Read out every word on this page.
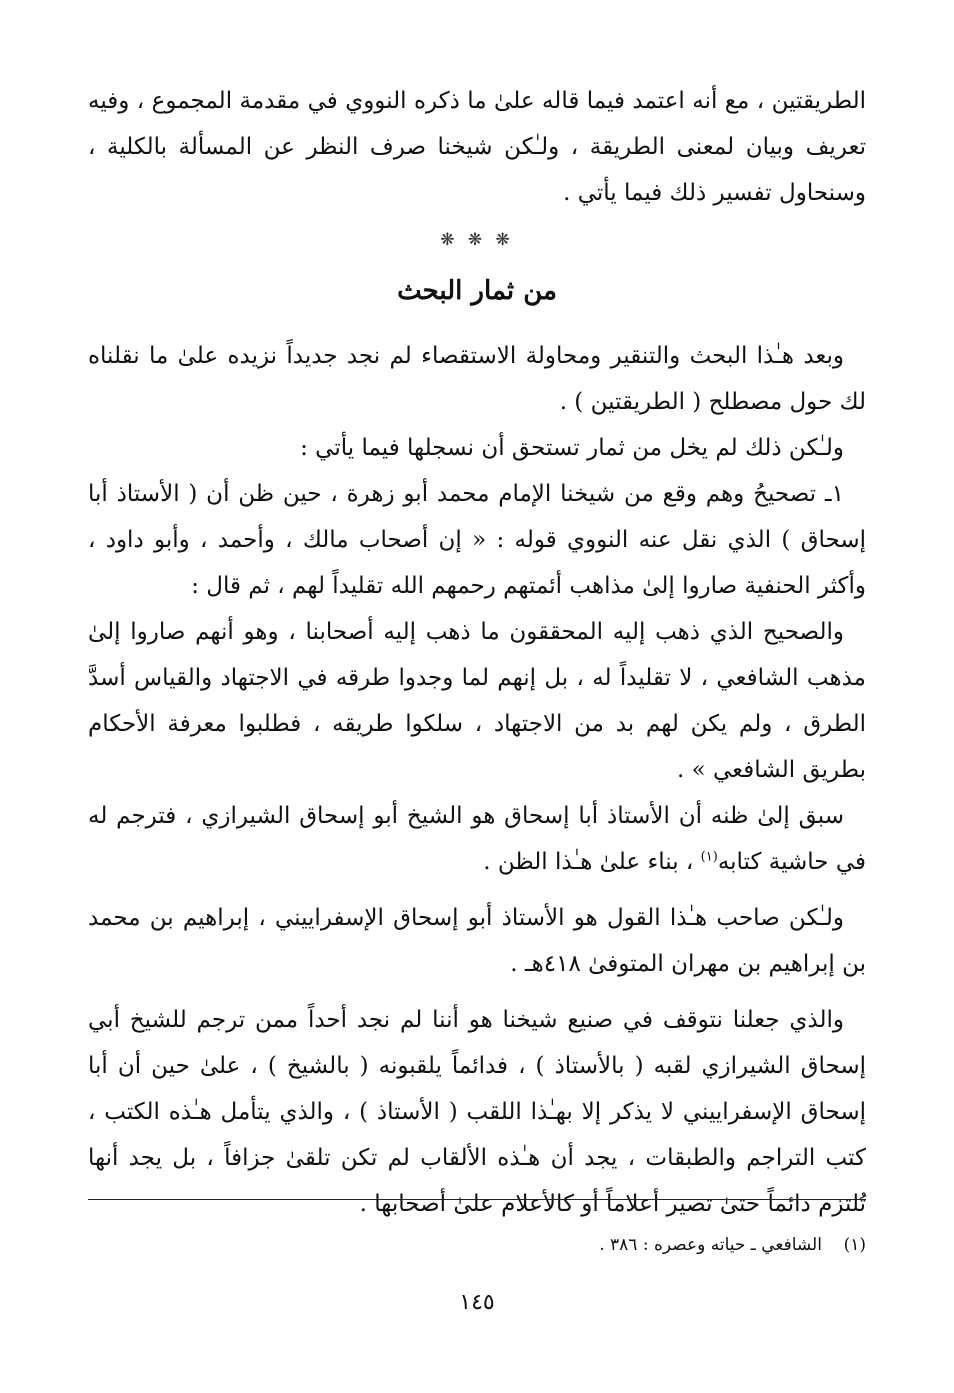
الطريقتين ، مع أنه اعتمد فيما قاله علىٰ ما ذكره النووي في مقدمة المجموع ، وفيه تعريف وبيان لمعنى الطريقة ، ولـٰكن شيخنا صرف النظر عن المسألة بالكلية ، وسنحاول تفسير ذلك فيما يأتي .

❋ ❋ ❋
من ثمار البحث

وبعد هـٰذا البحث والتنقير ومحاولة الاستقصاء لم نجد جديداً نزيده علىٰ ما نقلناه لك حول مصطلح ( الطريقتين ) .

ولـٰكن ذلك لم يخل من ثمار تستحق أن نسجلها فيما يأتي :

١ـ تصحيحُ وهم وقع من شيخنا الإمام محمد أبو زهرة ، حين ظن أن ( الأستاذ أبا إسحاق ) الذي نقل عنه النووي قوله : « إن أصحاب مالك ، وأحمد ، وأبو داود ، وأكثر الحنفية صاروا إلىٰ مذاهب أئمتهم رحمهم الله تقليداً لهم ، ثم قال :

والصحيح الذي ذهب إليه المحققون ما ذهب إليه أصحابنا ، وهو أنهم صاروا إلىٰ مذهب الشافعي ، لا تقليداً له ، بل إنهم لما وجدوا طرقه في الاجتهاد والقياس أسدَّ الطرق ، ولم يكن لهم بد من الاجتهاد ، سلكوا طريقه ، فطلبوا معرفة الأحكام بطريق الشافعي » .

سبق إلىٰ ظنه أن الأستاذ أبا إسحاق هو الشيخ أبو إسحاق الشيرازي ، فترجم له في حاشية كتابه$^{(١)}$ ، بناء علىٰ هـٰذا الظن .

ولـٰكن صاحب هـٰذا القول هو الأستاذ أبو إسحاق الإسفراييني ، إبراهيم بن محمد بن إبراهيم بن مهران المتوفىٰ ٤١٨هـ .

والذي جعلنا نتوقف في صنيع شيخنا هو أننا لم نجد أحداً ممن ترجم للشيخ أبي إسحاق الشيرازي لقبه ( بالأستاذ ) ، فدائماً يلقبونه ( بالشيخ ) ، علىٰ حين أن أبا إسحاق الإسفراييني لا يذكر إلا بهـٰذا اللقب ( الأستاذ ) ، والذي يتأمل هـٰذه الكتب ، كتب التراجم والطبقات ، يجد أن هـٰذه الألقاب لم تكن تلقىٰ جزافاً ، بل يجد أنها تُلتزم دائماً حتىٰ تصير أعلاماً أو كالأعلام علىٰ أصحابها .

(١)    الشافعي ـ حياته وعصره : ٣٨٦ .
١٤٥
